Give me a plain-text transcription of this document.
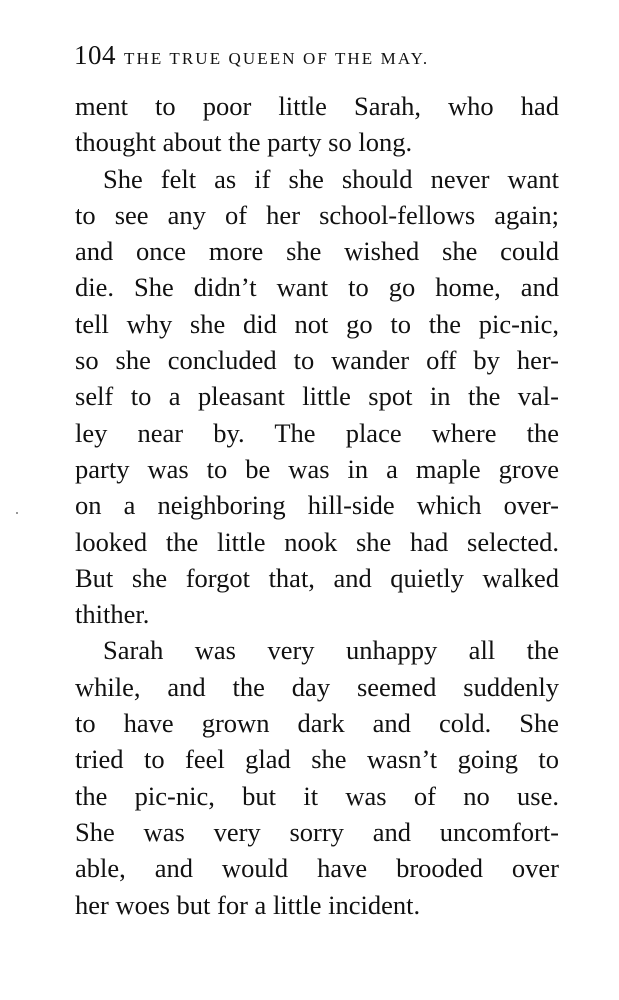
104 THE TRUE QUEEN OF THE MAY.
ment to poor little Sarah, who had
thought about the party so long.
She felt as if she should never want
to see any of her school-fellows again;
and once more she wished she could
die. She didn’t want to go home, and
tell why she did not go to the pic-nic,
so she concluded to wander off by her-
self to a pleasant little spot in the val-
ley near by. The place where the
party was to be was in a maple grove
on a neighboring hill-side which over-
looked the little nook she had selected.
But she forgot that, and quietly walked
thither.
Sarah was very unhappy all the
while, and the day seemed suddenly
to have grown dark and cold. She
tried to feel glad she wasn’t going to
the pic-nic, but it was of no use.
She was very sorry and uncomfort-
able, and would have brooded over
her woes but for a little incident.
